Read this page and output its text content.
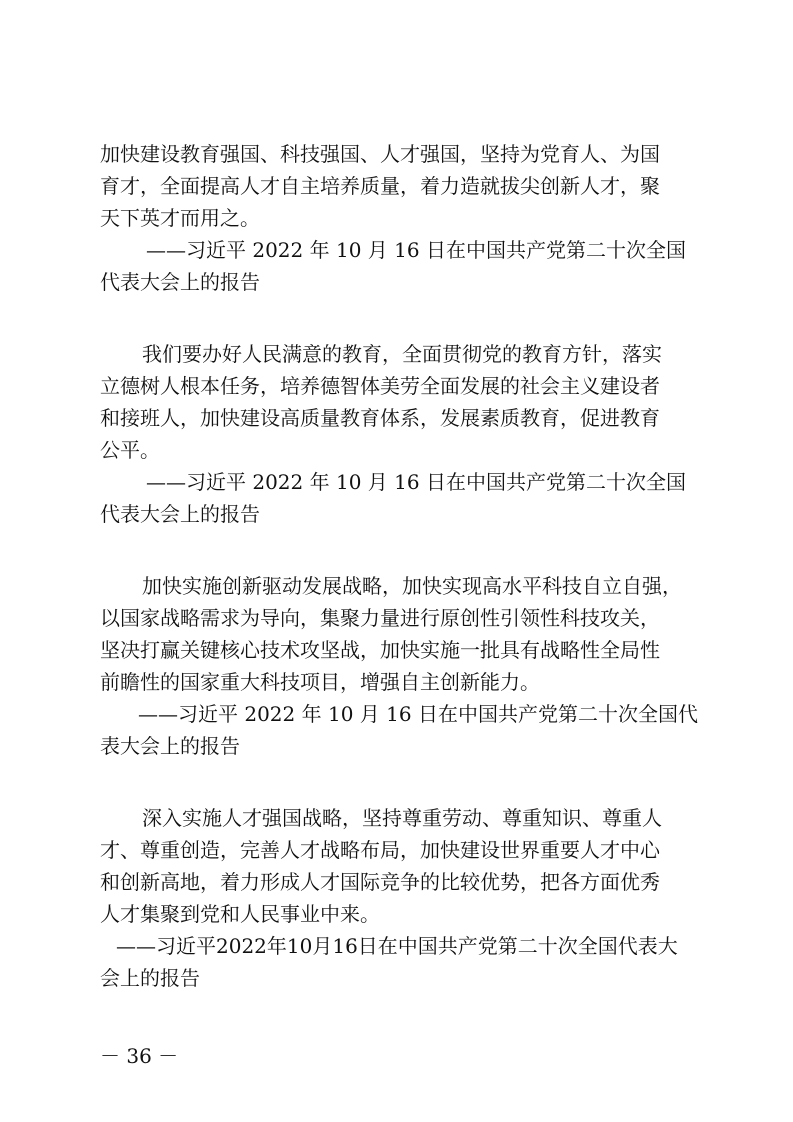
加快建设教育强国、科技强国、人才强国，坚持为党育人、为国
育才，全面提高人才自主培养质量，着力造就拔尖创新人才，聚
天下英才而用之。
——习近平 2022 年 10 月 16 日在中国共产党第二十次全国
代表大会上的报告
我们要办好人民满意的教育，全面贯彻党的教育方针，落实
立德树人根本任务，培养德智体美劳全面发展的社会主义建设者
和接班人，加快建设高质量教育体系，发展素质教育，促进教育
公平。
——习近平 2022 年 10 月 16 日在中国共产党第二十次全国
代表大会上的报告
加快实施创新驱动发展战略，加快实现高水平科技自立自强，
以国家战略需求为导向，集聚力量进行原创性引领性科技攻关，
坚决打赢关键核心技术攻坚战，加快实施一批具有战略性全局性
前瞻性的国家重大科技项目，增强自主创新能力。
——习近平 2022 年 10 月 16 日在中国共产党第二十次全国代
表大会上的报告
深入实施人才强国战略，坚持尊重劳动、尊重知识、尊重人
才、尊重创造，完善人才战略布局，加快建设世界重要人才中心
和创新高地，着力形成人才国际竞争的比较优势，把各方面优秀
人才集聚到党和人民事业中来。
——习近平2022年10月16日在中国共产党第二十次全国代表大
会上的报告
－ 36 －
